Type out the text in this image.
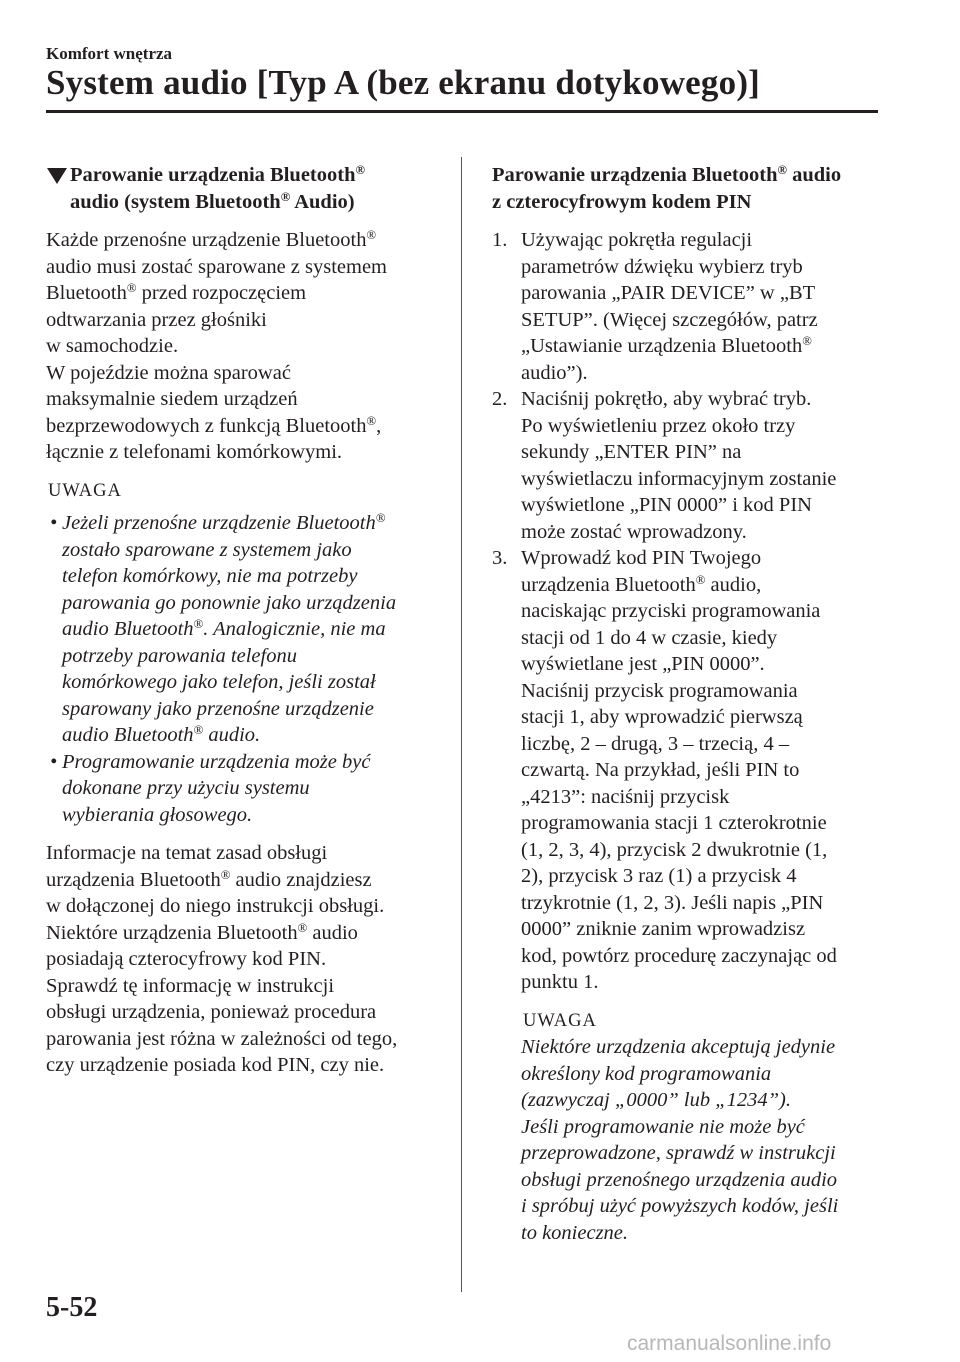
Komfort wnętrza
System audio [Typ A (bez ekranu dotykowego)]
Parowanie urządzenia Bluetooth®
audio (system Bluetooth® Audio)
Każde przenośne urządzenie Bluetooth®
audio musi zostać sparowane z systemem
Bluetooth® przed rozpoczęciem
odtwarzania przez głośniki
w samochodzie.
W pojeździe można sparować
maksymalnie siedem urządzeń
bezprzewodowych z funkcją Bluetooth®,
łącznie z telefonami komórkowymi.
UWAGA
• Jeżeli przenośne urządzenie Bluetooth®
zostało sparowane z systemem jako
telefon komórkowy, nie ma potrzeby
parowania go ponownie jako urządzenia
audio Bluetooth®. Analogicznie, nie ma
potrzeby parowania telefonu
komórkowego jako telefon, jeśli został
sparowany jako przenośne urządzenie
audio Bluetooth® audio.
• Programowanie urządzenia może być
dokonane przy użyciu systemu
wybierania głosowego.
Informacje na temat zasad obsługi
urządzenia Bluetooth® audio znajdziesz
w dołączonej do niego instrukcji obsługi.
Niektóre urządzenia Bluetooth® audio
posiadają czterocyfrowy kod PIN.
Sprawdź tę informację w instrukcji
obsługi urządzenia, ponieważ procedura
parowania jest różna w zależności od tego,
czy urządzenie posiada kod PIN, czy nie.
Parowanie urządzenia Bluetooth® audio
z czterocyfrowym kodem PIN
1. Używając pokrętła regulacji
parametrów dźwięku wybierz tryb
parowania „PAIR DEVICE” w „BT
SETUP”. (Więcej szczegółów, patrz
„Ustawianie urządzenia Bluetooth®
audio”).
2. Naciśnij pokrętło, aby wybrać tryb.
Po wyświetleniu przez około trzy
sekundy „ENTER PIN” na
wyświetlaczu informacyjnym zostanie
wyświetlone „PIN 0000” i kod PIN
może zostać wprowadzony.
3. Wprowadź kod PIN Twojego
urządzenia Bluetooth® audio,
naciskając przyciski programowania
stacji od 1 do 4 w czasie, kiedy
wyświetlane jest „PIN 0000”.
Naciśnij przycisk programowania
stacji 1, aby wprowadzić pierwszą
liczbę, 2 – drugą, 3 – trzecią, 4 –
czwartą. Na przykład, jeśli PIN to
„4213”: naciśnij przycisk
programowania stacji 1 czterokrotnie
(1, 2, 3, 4), przycisk 2 dwukrotnie (1,
2), przycisk 3 raz (1) a przycisk 4
trzykrotnie (1, 2, 3). Jeśli napis „PIN
0000” zniknie zanim wprowadzisz
kod, powtórz procedurę zaczynając od
punktu 1.
UWAGA
Niektóre urządzenia akceptują jedynie
określony kod programowania
(zazwyczaj „0000” lub „1234”).
Jeśli programowanie nie może być
przeprowadzone, sprawdź w instrukcji
obsługi przenośnego urządzenia audio
i spróbuj użyć powyższych kodów, jeśli
to konieczne.
5-52
carmanualsonline.info
